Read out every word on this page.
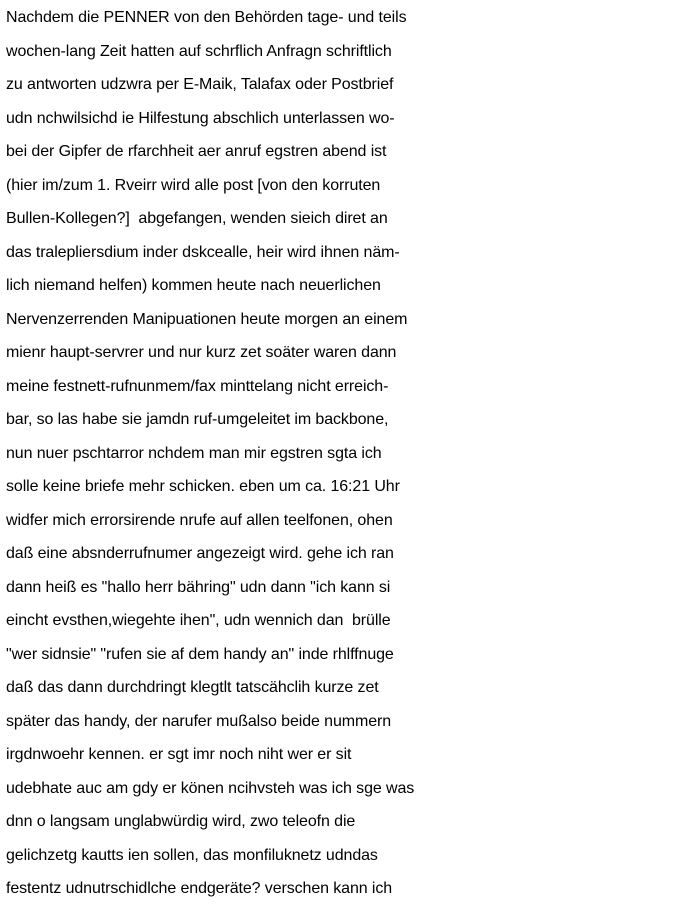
Nachdem die PENNER von den Behörden tage- und teils
wochen-lang Zeit hatten auf schrflich Anfragn schriftlich
zu antworten udzwra per E-Maik, Talafax oder Postbrief
udn nchwilsichd ie Hilfestung abschlich unterlassen wo-
bei der Gipfer de rfarchheit aer anruf egstren abend ist
(hier im/zum 1. Rveirr wird alle post [von den korruten
Bullen-Kollegen?]  abgefangen, wenden sieich diret an
das tralepliersdium inder dskcealle, heir wird ihnen näm-
lich niemand helfen) kommen heute nach neuerlichen
Nervenzerrenden Manipuationen heute morgen an einem
mienr haupt-servrer und nur kurz zet soäter waren dann
meine festnett-rufnunmem/fax minttelang nicht erreich-
bar, so las habe sie jamdn ruf-umgeleitet im backbone,
nun nuer pschtarror nchdem man mir egstren sgta ich
solle keine briefe mehr schicken. eben um ca. 16:21 Uhr
widfer mich errorsirende nrufe auf allen teelfonen, ohen
daß eine absnderrufnumer angezeigt wird. gehe ich ran
dann heiß es "hallo herr bähring" udn dann "ich kann si
eincht evsthen,wiegehte ihen", udn wennich dan  brülle
"wer sidnsie" "rufen sie af dem handy an" inde rhlffnuge
daß das dann durchdringt klegtlt tatscähclih kurze zet
später das handy, der narufer mußalso beide nummern
irgdnwoehr kennen. er sgt imr noch niht wer er sit
udebhate auc am gdy er könen ncihvsteh was ich sge was
dnn o langsam unglabwürdig wird, zwo teleofn die
gelichzetg kautts ien sollen, das monfiluknetz udndas
festentz udnutrschidlche endgeräte? verschen kann ich
